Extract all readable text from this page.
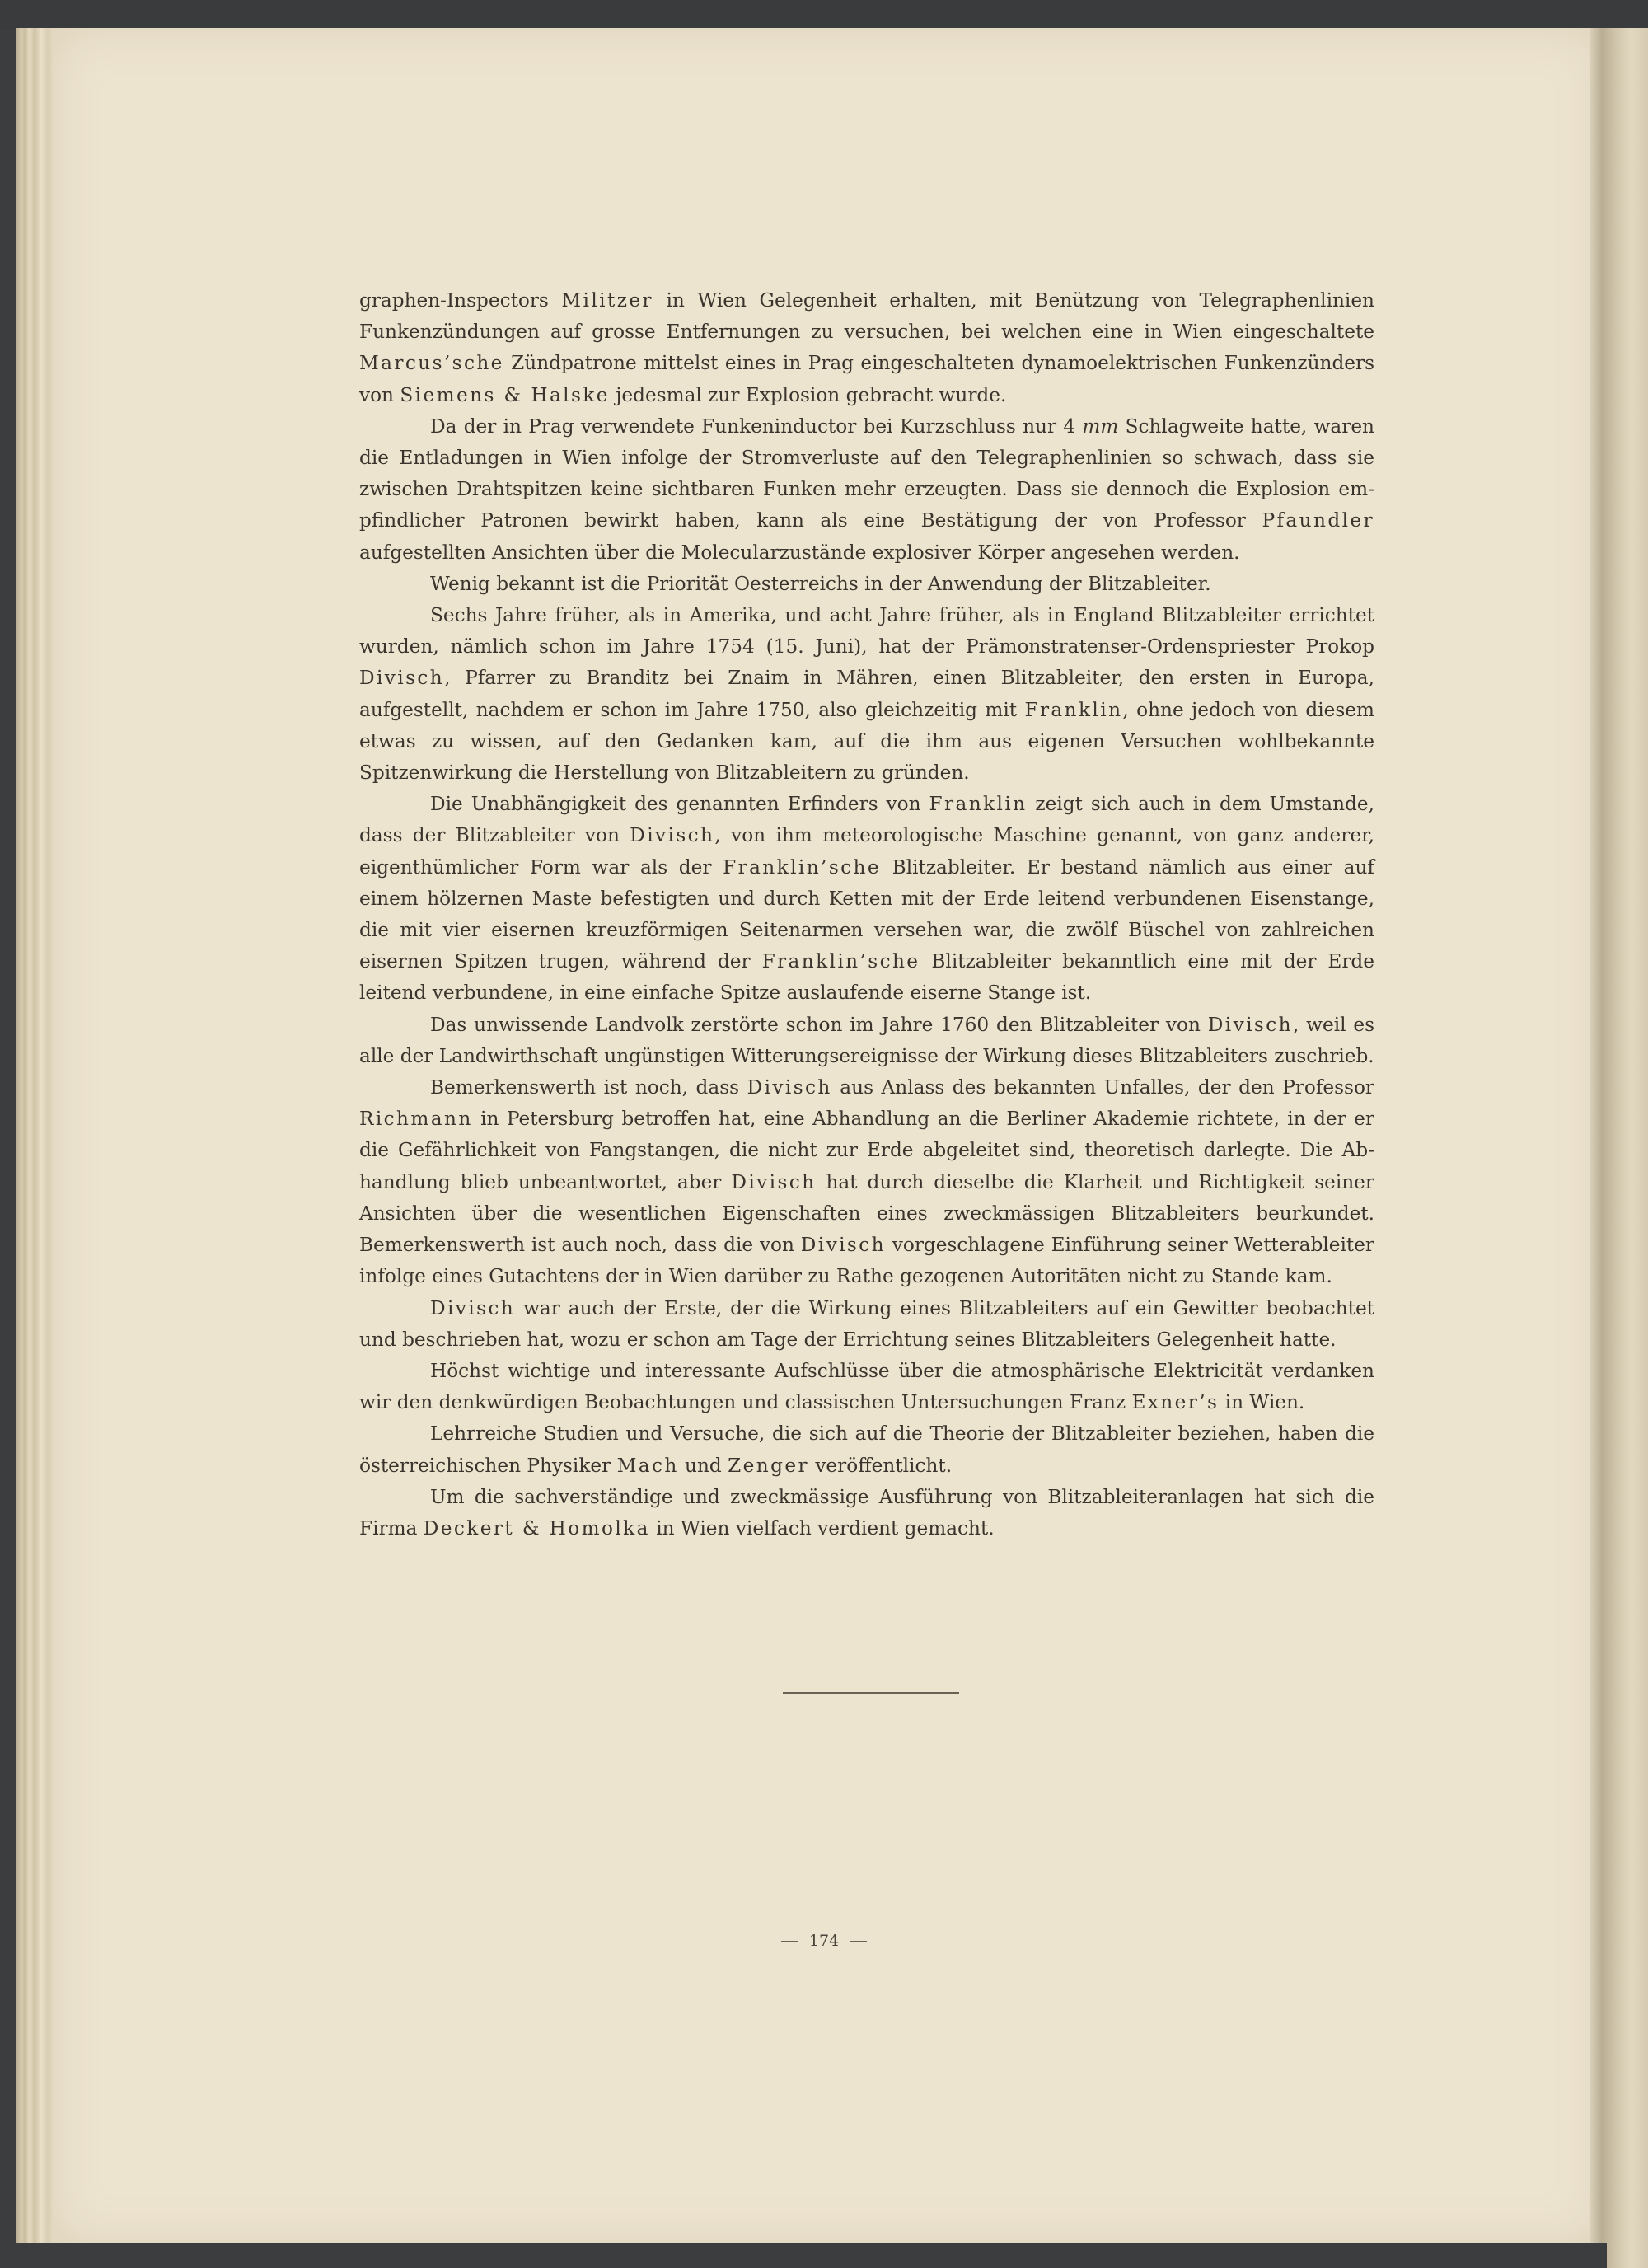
graphen-Inspectors Militzer in Wien Gelegenheit erhalten, mit Benützung von Telegraphenlinien Funkenzündungen auf grosse Entfernungen zu versuchen, bei welchen eine in Wien eingeschaltete Marcus’sche Zündpatrone mittelst eines in Prag eingeschalteten dynamoelektrischen Funkenzünders von Siemens & Halske jedesmal zur Explosion gebracht wurde.

Da der in Prag verwendete Funkeninductor bei Kurzschluss nur 4 mm Schlagweite hatte, waren die Entladungen in Wien infolge der Stromverluste auf den Telegraphenlinien so schwach, dass sie zwischen Drahtspitzen keine sichtbaren Funken mehr erzeugten. Dass sie dennoch die Explosion empfindlicher Patronen bewirkt haben, kann als eine Bestätigung der von Professor Pfaundler aufgestellten Ansichten über die Molecularzustände explosiver Körper angesehen werden.

Wenig bekannt ist die Priorität Oesterreichs in der Anwendung der Blitzableiter.

Sechs Jahre früher, als in Amerika, und acht Jahre früher, als in England Blitzableiter errichtet wurden, nämlich schon im Jahre 1754 (15. Juni), hat der Prämonstratenser-Ordenspriester Prokop Divisch, Pfarrer zu Branditz bei Znaim in Mähren, einen Blitzableiter, den ersten in Europa, aufgestellt, nachdem er schon im Jahre 1750, also gleichzeitig mit Franklin, ohne jedoch von diesem etwas zu wissen, auf den Gedanken kam, auf die ihm aus eigenen Versuchen wohlbekannte Spitzenwirkung die Herstellung von Blitzableitern zu gründen.

Die Unabhängigkeit des genannten Erfinders von Franklin zeigt sich auch in dem Umstande, dass der Blitzableiter von Divisch, von ihm meteorologische Maschine genannt, von ganz anderer, eigenthümlicher Form war als der Franklin’sche Blitzableiter. Er bestand nämlich aus einer auf einem hölzernen Maste befestigten und durch Ketten mit der Erde leitend verbundenen Eisenstange, die mit vier eisernen kreuzförmigen Seitenarmen versehen war, die zwölf Büschel von zahlreichen eisernen Spitzen trugen, während der Franklin’sche Blitzableiter bekanntlich eine mit der Erde leitend verbundene, in eine einfache Spitze auslaufende eiserne Stange ist.

Das unwissende Landvolk zerstörte schon im Jahre 1760 den Blitzableiter von Divisch, weil es alle der Landwirthschaft ungünstigen Witterungsereignisse der Wirkung dieses Blitzableiters zuschrieb.

Bemerkenswerth ist noch, dass Divisch aus Anlass des bekannten Unfalles, der den Professor Richmann in Petersburg betroffen hat, eine Abhandlung an die Berliner Akademie richtete, in der er die Gefährlichkeit von Fangstangen, die nicht zur Erde abgeleitet sind, theoretisch darlegte. Die Abhandlung blieb unbeantwortet, aber Divisch hat durch dieselbe die Klarheit und Richtigkeit seiner Ansichten über die wesentlichen Eigenschaften eines zweckmässigen Blitzableiters beurkundet. Bemerkenswerth ist auch noch, dass die von Divisch vorgeschlagene Einführung seiner Wetterableiter infolge eines Gutachtens der in Wien darüber zu Rathe gezogenen Autoritäten nicht zu Stande kam.

Divisch war auch der Erste, der die Wirkung eines Blitzableiters auf ein Gewitter beobachtet und beschrieben hat, wozu er schon am Tage der Errichtung seines Blitzableiters Gelegenheit hatte.

Höchst wichtige und interessante Aufschlüsse über die atmosphärische Elektricität verdanken wir den denkwürdigen Beobachtungen und classischen Untersuchungen Franz Exner’s in Wien.

Lehrreiche Studien und Versuche, die sich auf die Theorie der Blitzableiter beziehen, haben die österreichischen Physiker Mach und Zenger veröffentlicht.

Um die sachverständige und zweckmässige Ausführung von Blitzableiteranlagen hat sich die Firma Deckert & Homolka in Wien vielfach verdient gemacht.

174
